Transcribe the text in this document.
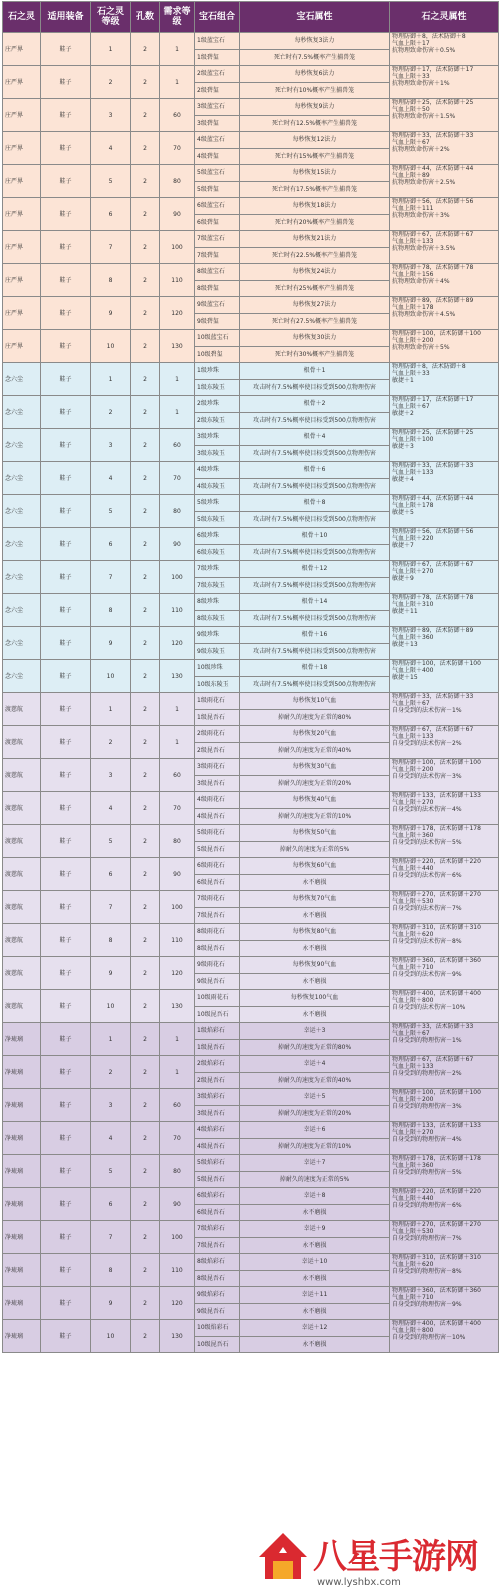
石之灵	适用装备	石之灵等级	孔数	需求等级	宝石组合	宝石属性	石之灵属性
庄严界	鞋子	1	2	1	1级蓝宝石	每秒恢复3法力	物理防御＋8，法术防御＋8
气血上限＋17
抗物理致命伤害＋0.5%

					1级碧玺	死亡时有7.5%概率产生捕兽笼	
庄严界	鞋子	2	2	1	2级蓝宝石	每秒恢复6法力	物理防御＋17，法术防御＋17
气血上限＋33
抗物理致命伤害＋1%

					2级碧玺	死亡时有10%概率产生捕兽笼	
庄严界	鞋子	3	2	60	3级蓝宝石	每秒恢复9法力	物理防御＋25，法术防御＋25
气血上限＋50
抗物理致命伤害＋1.5%

					3级碧玺	死亡时有12.5%概率产生捕兽笼	
庄严界	鞋子	4	2	70	4级蓝宝石	每秒恢复12法力	物理防御＋33，法术防御＋33
气血上限＋67
抗物理致命伤害＋2%

					4级碧玺	死亡时有15%概率产生捕兽笼	
庄严界	鞋子	5	2	80	5级蓝宝石	每秒恢复15法力	物理防御＋44，法术防御＋44
气血上限＋89
抗物理致命伤害＋2.5%

					5级碧玺	死亡时有17.5%概率产生捕兽笼	
庄严界	鞋子	6	2	90	6级蓝宝石	每秒恢复18法力	物理防御＋56，法术防御＋56
气血上限＋111
抗物理致命伤害＋3%

					6级碧玺	死亡时有20%概率产生捕兽笼	
庄严界	鞋子	7	2	100	7级蓝宝石	每秒恢复21法力	物理防御＋67，法术防御＋67
气血上限＋133
抗物理致命伤害＋3.5%

					7级碧玺	死亡时有22.5%概率产生捕兽笼	
庄严界	鞋子	8	2	110	8级蓝宝石	每秒恢复24法力	物理防御＋78，法术防御＋78
气血上限＋156
抗物理致命伤害＋4%

					8级碧玺	死亡时有25%概率产生捕兽笼	
庄严界	鞋子	9	2	120	9级蓝宝石	每秒恢复27法力	物理防御＋89，法术防御＋89
气血上限＋178
抗物理致命伤害＋4.5%

					9级碧玺	死亡时有27.5%概率产生捕兽笼	
庄严界	鞋子	10	2	130	10级蓝宝石	每秒恢复30法力	物理防御＋100，法术防御＋100
气血上限＋200
抗物理致命伤害＋5%

					10级碧玺	死亡时有30%概率产生捕兽笼	
念六尘	鞋子	1	2	1	1级珍珠	根骨＋1	物理防御＋8，法术防御＋8
气血上限＋33
敏捷＋1

					1级东陵玉	攻击时有7.5%概率使目标受到500点物理伤害	
念六尘	鞋子	2	2	1	2级珍珠	根骨＋2	物理防御＋17，法术防御＋17
气血上限＋67
敏捷＋2

					2级东陵玉	攻击时有7.5%概率使目标受到500点物理伤害	
念六尘	鞋子	3	2	60	3级珍珠	根骨＋4	物理防御＋25，法术防御＋25
气血上限＋100
敏捷＋3

					3级东陵玉	攻击时有7.5%概率使目标受到500点物理伤害	
念六尘	鞋子	4	2	70	4级珍珠	根骨＋6	物理防御＋33，法术防御＋33
气血上限＋133
敏捷＋4

					4级东陵玉	攻击时有7.5%概率使目标受到500点物理伤害	
念六尘	鞋子	5	2	80	5级珍珠	根骨＋8	物理防御＋44，法术防御＋44
气血上限＋178
敏捷＋5

					5级东陵玉	攻击时有7.5%概率使目标受到500点物理伤害	
念六尘	鞋子	6	2	90	6级珍珠	根骨＋10	物理防御＋56，法术防御＋56
气血上限＋220
敏捷＋7

					6级东陵玉	攻击时有7.5%概率使目标受到500点物理伤害	
念六尘	鞋子	7	2	100	7级珍珠	根骨＋12	物理防御＋67，法术防御＋67
气血上限＋270
敏捷＋9

					7级东陵玉	攻击时有7.5%概率使目标受到500点物理伤害	
念六尘	鞋子	8	2	110	8级珍珠	根骨＋14	物理防御＋78，法术防御＋78
气血上限＋310
敏捷＋11

					8级东陵玉	攻击时有7.5%概率使目标受到500点物理伤害	
念六尘	鞋子	9	2	120	9级珍珠	根骨＋16	物理防御＋89，法术防御＋89
气血上限＋360
敏捷＋13

					9级东陵玉	攻击时有7.5%概率使目标受到500点物理伤害	
念六尘	鞋子	10	2	130	10级珍珠	根骨＋18	物理防御＋100，法术防御＋100
气血上限＋400
敏捷＋15

					10级东陵玉	攻击时有7.5%概率使目标受到500点物理伤害	
渡慈航	鞋子	1	2	1	1级雨花石	每秒恢复10气血	物理防御＋33，法术防御＋33
气血上限＋67
自身受到的法术伤害－1%

					1级昆吾石	掉耐久的速度为正常的80%	
渡慈航	鞋子	2	2	1	2级雨花石	每秒恢复20气血	物理防御＋67，法术防御＋67
气血上限＋133
自身受到的法术伤害－2%

					2级昆吾石	掉耐久的速度为正常的40%	
渡慈航	鞋子	3	2	60	3级雨花石	每秒恢复30气血	物理防御＋100，法术防御＋100
气血上限＋200
自身受到的法术伤害－3%

					3级昆吾石	掉耐久的速度为正常的20%	
渡慈航	鞋子	4	2	70	4级雨花石	每秒恢复40气血	物理防御＋133，法术防御＋133
气血上限＋270
自身受到的法术伤害－4%

					4级昆吾石	掉耐久的速度为正常的10%	
渡慈航	鞋子	5	2	80	5级雨花石	每秒恢复50气血	物理防御＋178，法术防御＋178
气血上限＋360
自身受到的法术伤害－5%

					5级昆吾石	掉耐久的速度为正常的5%	
渡慈航	鞋子	6	2	90	6级雨花石	每秒恢复60气血	物理防御＋220，法术防御＋220
气血上限＋440
自身受到的法术伤害－6%

					6级昆吾石	永不磨损	
渡慈航	鞋子	7	2	100	7级雨花石	每秒恢复70气血	物理防御＋270，法术防御＋270
气血上限＋530
自身受到的法术伤害－7%

					7级昆吾石	永不磨损	
渡慈航	鞋子	8	2	110	8级雨花石	每秒恢复80气血	物理防御＋310，法术防御＋310
气血上限＋620
自身受到的法术伤害－8%

					8级昆吾石	永不磨损	
渡慈航	鞋子	9	2	120	9级雨花石	每秒恢复90气血	物理防御＋360，法术防御＋360
气血上限＋710
自身受到的法术伤害－9%

					9级昆吾石	永不磨损	
渡慈航	鞋子	10	2	130	10级雨花石	每秒恢复100气血	物理防御＋400，法术防御＋400
气血上限＋800
自身受到的法术伤害－10%

					10级昆吾石	永不磨损	
净琉璃	鞋子	1	2	1	1级焰彩石	幸运＋3	物理防御＋33，法术防御＋33
气血上限＋67
自身受到的物理伤害－1%

					1级昆吾石	掉耐久的速度为正常的80%	
净琉璃	鞋子	2	2	1	2级焰彩石	幸运＋4	物理防御＋67，法术防御＋67
气血上限＋133
自身受到的物理伤害－2%

					2级昆吾石	掉耐久的速度为正常的40%	
净琉璃	鞋子	3	2	60	3级焰彩石	幸运＋5	物理防御＋100，法术防御＋100
气血上限＋200
自身受到的物理伤害－3%

					3级昆吾石	掉耐久的速度为正常的20%	
净琉璃	鞋子	4	2	70	4级焰彩石	幸运＋6	物理防御＋133，法术防御＋133
气血上限＋270
自身受到的物理伤害－4%

					4级昆吾石	掉耐久的速度为正常的10%	
净琉璃	鞋子	5	2	80	5级焰彩石	幸运＋7	物理防御＋178，法术防御＋178
气血上限＋360
自身受到的物理伤害－5%

					5级昆吾石	掉耐久的速度为正常的5%	
净琉璃	鞋子	6	2	90	6级焰彩石	幸运＋8	物理防御＋220，法术防御＋220
气血上限＋440
自身受到的物理伤害－6%

					6级昆吾石	永不磨损	
净琉璃	鞋子	7	2	100	7级焰彩石	幸运＋9	物理防御＋270，法术防御＋270
气血上限＋530
自身受到的物理伤害－7%

					7级昆吾石	永不磨损	
净琉璃	鞋子	8	2	110	8级焰彩石	幸运＋10	物理防御＋310，法术防御＋310
气血上限＋620
自身受到的物理伤害－8%

					8级昆吾石	永不磨损	
净琉璃	鞋子	9	2	120	9级焰彩石	幸运＋11	物理防御＋360，法术防御＋360
气血上限＋710
自身受到的物理伤害－9%

					9级昆吾石	永不磨损	
净琉璃	鞋子	10	2	130	10级焰彩石	幸运＋12	物理防御＋400，法术防御＋400
气血上限＋800
自身受到的物理伤害－10%

					10级昆吾石	永不磨损	
八星手游网
www.lyshbx.com
